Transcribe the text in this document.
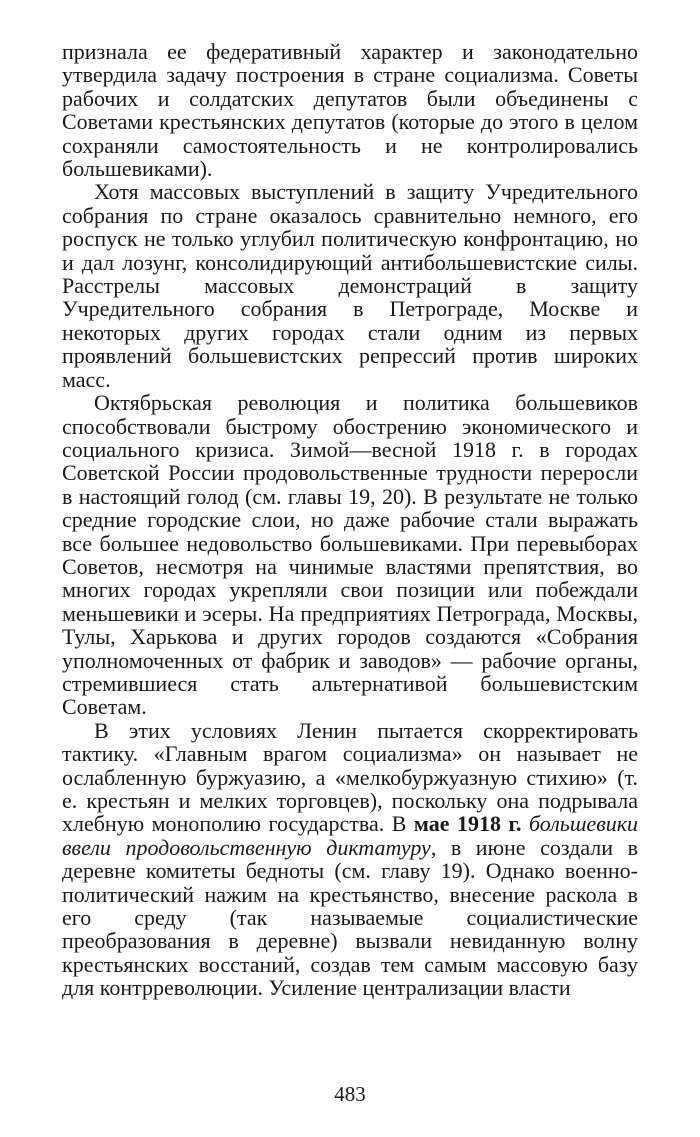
признала ее федеративный характер и законодательно утвердила задачу построения в стране социализма. Советы рабочих и солдатских депутатов были объединены с Советами крестьянских депутатов (которые до этого в целом сохраняли самостоятельность и не контролировались большевиками).

Хотя массовых выступлений в защиту Учредительного собрания по стране оказалось сравнительно немного, его роспуск не только углубил политическую конфронтацию, но и дал лозунг, консолидирующий антибольшевистские силы. Расстрелы массовых демонстраций в защиту Учредительного собрания в Петрограде, Москве и некоторых других городах стали одним из первых проявлений большевистских репрессий против широких масс.

Октябрьская революция и политика большевиков способствовали быстрому обострению экономического и социального кризиса. Зимой—весной 1918 г. в городах Советской России продовольственные трудности переросли в настоящий голод (см. главы 19, 20). В результате не только средние городские слои, но даже рабочие стали выражать все большее недовольство большевиками. При перевыборах Советов, несмотря на чинимые властями препятствия, во многих городах укрепляли свои позиции или побеждали меньшевики и эсеры. На предприятиях Петрограда, Москвы, Тулы, Харькова и других городов создаются «Собрания уполномоченных от фабрик и заводов» — рабочие органы, стремившиеся стать альтернативой большевистским Советам.

В этих условиях Ленин пытается скорректировать тактику. «Главным врагом социализма» он называет не ослабленную буржуазию, а «мелкобуржуазную стихию» (т. е. крестьян и мелких торговцев), поскольку она подрывала хлебную монополию государства. В мае 1918 г. большевики ввели продовольственную диктатуру, в июне создали в деревне комитеты бедноты (см. главу 19). Однако военно-политический нажим на крестьянство, внесение раскола в его среду (так называемые социалистические преобразования в деревне) вызвали невиданную волну крестьянских восстаний, создав тем самым массовую базу для контрреволюции. Усиление централизации власти

483
